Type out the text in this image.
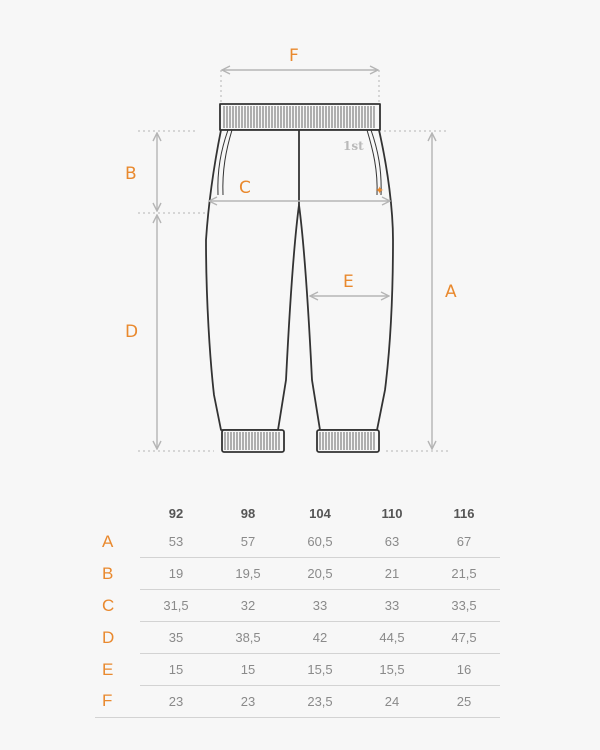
1st
✦
F
B
C
E	A
D
	92	98	104	110	116
A	53	57	60,5	63	67
B	19	19,5	20,5	21	21,5
C	31,5	32	33	33	33,5
D	35	38,5	42	44,5	47,5
E	15	15	15,5	15,5	16
F	23	23	23,5	24	25
